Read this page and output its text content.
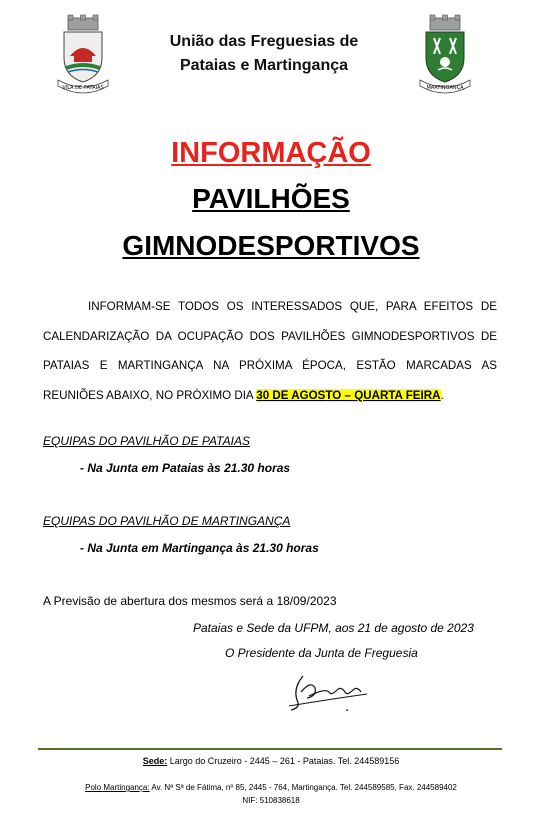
VILA DE PATAIAS
União das Freguesias de
Pataias e Martingança
MARTINGANÇA
INFORMAÇÃO
PAVILHÕES
GIMNODESPORTIVOS
INFORMAM-SE TODOS OS INTERESSADOS QUE, PARA EFEITOS DE CALENDARIZAÇÃO DA OCUPAÇÃO DOS PAVILHÕES GIMNODESPORTIVOS DE PATAIAS E MARTINGANÇA NA PRÓXIMA ÉPOCA, ESTÃO MARCADAS AS REUNIÕES ABAIXO, NO PRÓXIMO DIA 30 DE AGOSTO – QUARTA FEIRA.
EQUIPAS DO PAVILHÃO DE PATAIAS
- Na Junta em Pataias às 21.30 horas
EQUIPAS DO PAVILHÃO DE MARTINGANÇA
- Na Junta em Martingança às 21.30 horas
A Previsão de abertura dos mesmos será a 18/09/2023
Pataias e Sede da UFPM, aos 21 de agosto de 2023
O Presidente da Junta de Freguesia
Sede: Largo do Cruzeiro - 2445 – 261 - Pataias. Tel. 244589156
Polo Martingança: Av. Nª Sª de Fátima, nº 85, 2445 - 764, Martingança. Tel. 244589585, Fax. 244589402
NIF: 510838618
